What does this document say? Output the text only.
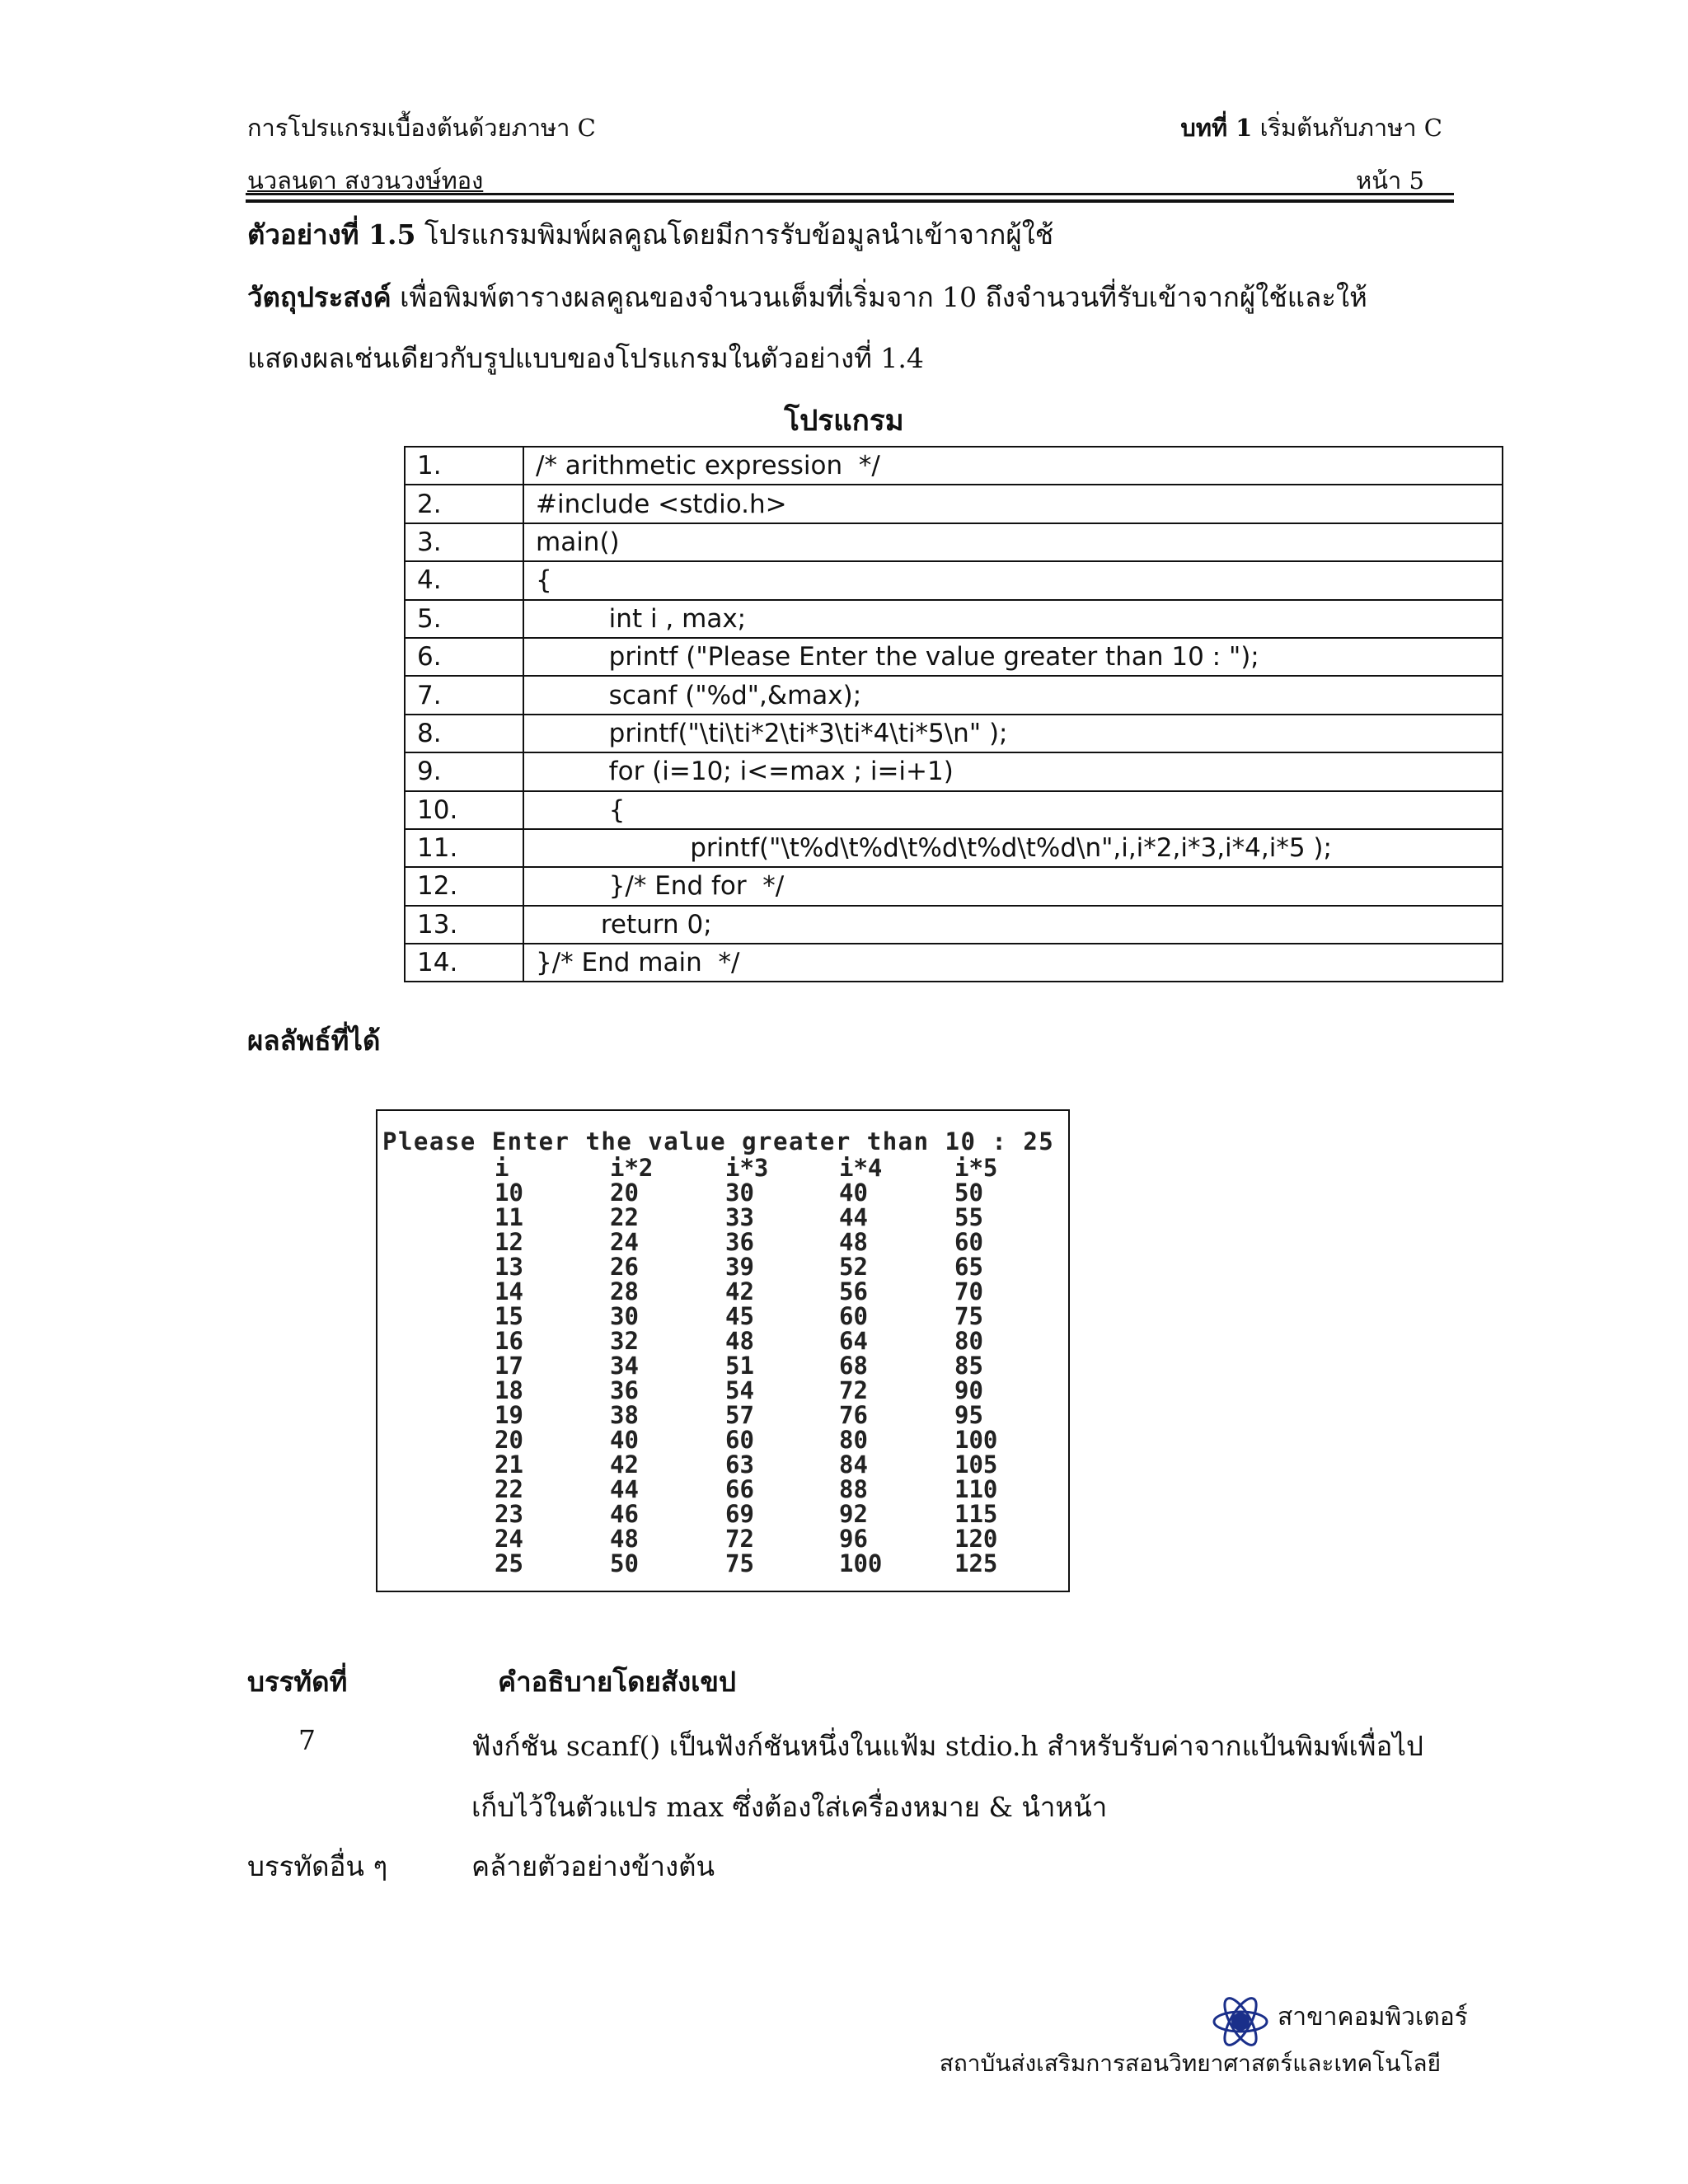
การโปรแกรมเบื้องต้นด้วยภาษา C	บทที่ 1 เริ่มต้นกับภาษา C
นวลนดา สงวนวงษ์ทอง	หน้า 5
ตัวอย่างที่ 1.5 โปรแกรมพิมพ์ผลคูณโดยมีการรับข้อมูลนำเข้าจากผู้ใช้
วัตถุประสงค์ เพื่อพิมพ์ตารางผลคูณของจำนวนเต็มที่เริ่มจาก 10 ถึงจำนวนที่รับเข้าจากผู้ใช้และให้
แสดงผลเช่นเดียวกับรูปแบบของโปรแกรมในตัวอย่างที่ 1.4
โปรแกรม
1.	/* arithmetic expression  */
2.	#include <stdio.h>
3.	main()
4.	{
5.	int i , max;
6.	printf ("Please Enter the value greater than 10 : ");
7.	scanf ("%d",&max);
8.	printf("\ti\ti*2\ti*3\ti*4\ti*5\n" );
9.	for (i=10; i<=max ; i=i+1)
10.	{
11.	printf("\t%d\t%d\t%d\t%d\t%d\n",i,i*2,i*3,i*4,i*5 );
12.	}/* End for  */
13.	return 0;
14.	}/* End main  */
ผลลัพธ์ที่ได้
Please Enter the value greater than 10 : 25
i	i*2	i*3	i*4	i*5
10	20	30	40	50
11	22	33	44	55
12	24	36	48	60
13	26	39	52	65
14	28	42	56	70
15	30	45	60	75
16	32	48	64	80
17	34	51	68	85
18	36	54	72	90
19	38	57	76	95
20	40	60	80	100
21	42	63	84	105
22	44	66	88	110
23	46	69	92	115
24	48	72	96	120
25	50	75	100	125
บรรทัดที่	คำอธิบายโดยสังเขป
7	ฟังก์ชัน scanf() เป็นฟังก์ชันหนึ่งในแฟ้ม stdio.h สำหรับรับค่าจากแป้นพิมพ์เพื่อไป
เก็บไว้ในตัวแปร max ซึ่งต้องใส่เครื่องหมาย & นำหน้า
บรรทัดอื่น ๆ	คล้ายตัวอย่างข้างต้น
สาขาคอมพิวเตอร์
สถาบันส่งเสริมการสอนวิทยาศาสตร์และเทคโนโลยี
